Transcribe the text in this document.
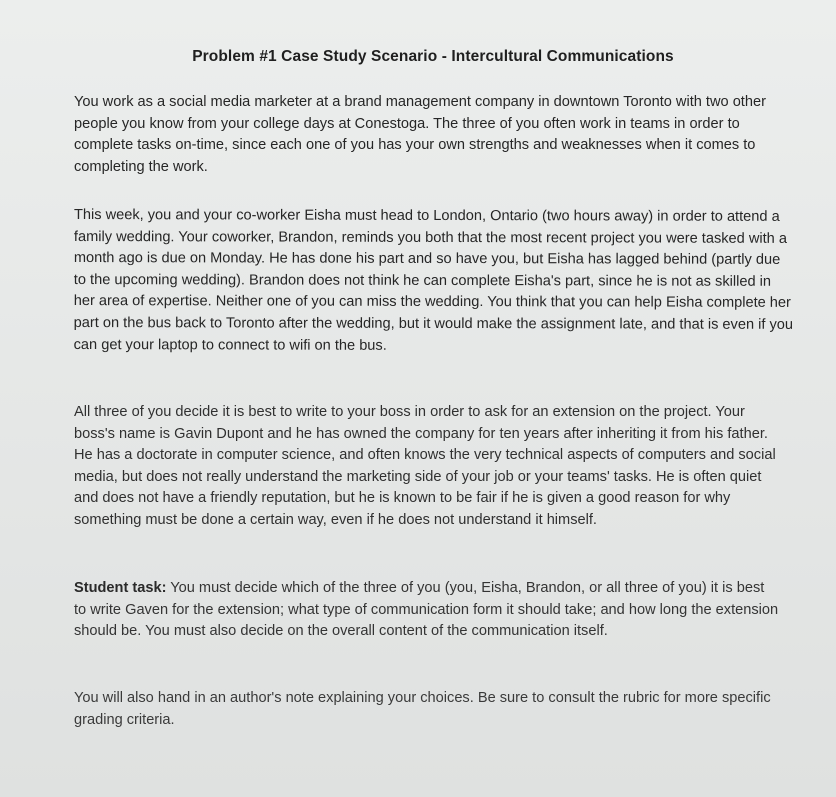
Problem #1 Case Study Scenario - Intercultural Communications

You work as a social media marketer at a brand management company in downtown Toronto with two other people you know from your college days at Conestoga. The three of you often work in teams in order to complete tasks on-time, since each one of you has your own strengths and weaknesses when it comes to completing the work.

This week, you and your co-worker Eisha must head to London, Ontario (two hours away) in order to attend a family wedding. Your coworker, Brandon, reminds you both that the most recent project you were tasked with a month ago is due on Monday. He has done his part and so have you, but Eisha has lagged behind (partly due to the upcoming wedding). Brandon does not think he can complete Eisha's part, since he is not as skilled in her area of expertise. Neither one of you can miss the wedding. You think that you can help Eisha complete her part on the bus back to Toronto after the wedding, but it would make the assignment late, and that is even if you can get your laptop to connect to wifi on the bus.

All three of you decide it is best to write to your boss in order to ask for an extension on the project. Your boss's name is Gavin Dupont and he has owned the company for ten years after inheriting it from his father. He has a doctorate in computer science, and often knows the very technical aspects of computers and social media, but does not really understand the marketing side of your job or your teams' tasks. He is often quiet and does not have a friendly reputation, but he is known to be fair if he is given a good reason for why something must be done a certain way, even if he does not understand it himself.

Student task: You must decide which of the three of you (you, Eisha, Brandon, or all three of you) it is best to write Gaven for the extension; what type of communication form it should take; and how long the extension should be. You must also decide on the overall content of the communication itself.

You will also hand in an author's note explaining your choices. Be sure to consult the rubric for more specific grading criteria.
